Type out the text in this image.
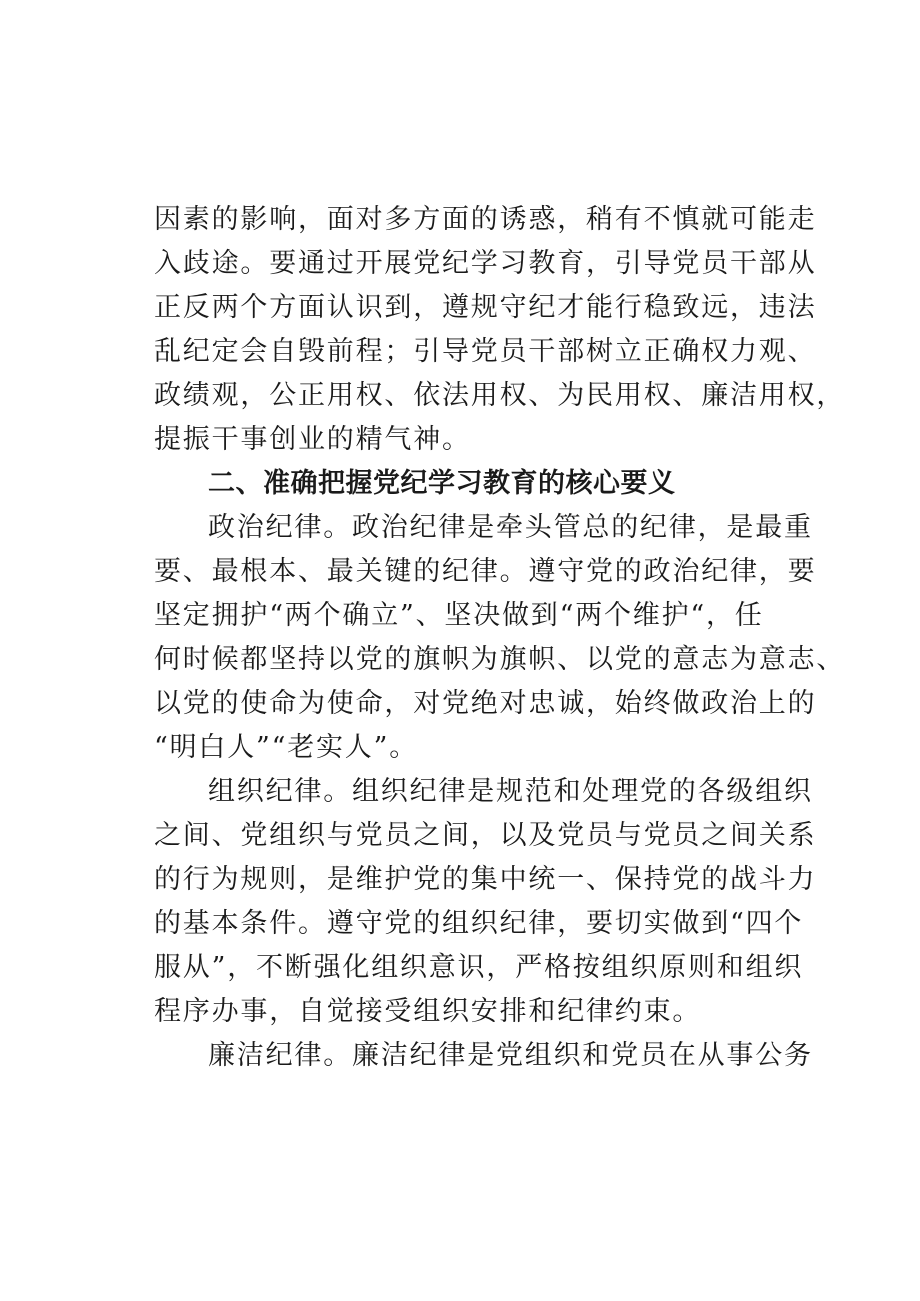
因素的影响，面对多方面的诱惑，稍有不慎就可能走
入歧途。要通过开展党纪学习教育，引导党员干部从
正反两个方面认识到，遵规守纪才能行稳致远，违法
乱纪定会自毁前程；引导党员干部树立正确权力观、
政绩观，公正用权、依法用权、为民用权、廉洁用权，
提振干事创业的精气神。
二、准确把握党纪学习教育的核心要义
政治纪律。政治纪律是牵头管总的纪律，是最重
要、最根本、最关键的纪律。遵守党的政治纪律，要
坚定拥护“两个确立”、坚决做到“两个维护“，任
何时候都坚持以党的旗帜为旗帜、以党的意志为意志、
以党的使命为使命，对党绝对忠诚，始终做政治上的
“明白人”“老实人”。
组织纪律。组织纪律是规范和处理党的各级组织
之间、党组织与党员之间，以及党员与党员之间关系
的行为规则，是维护党的集中统一、保持党的战斗力
的基本条件。遵守党的组织纪律，要切实做到“四个
服从”，不断强化组织意识，严格按组织原则和组织
程序办事，自觉接受组织安排和纪律约束。
廉洁纪律。廉洁纪律是党组织和党员在从事公务
